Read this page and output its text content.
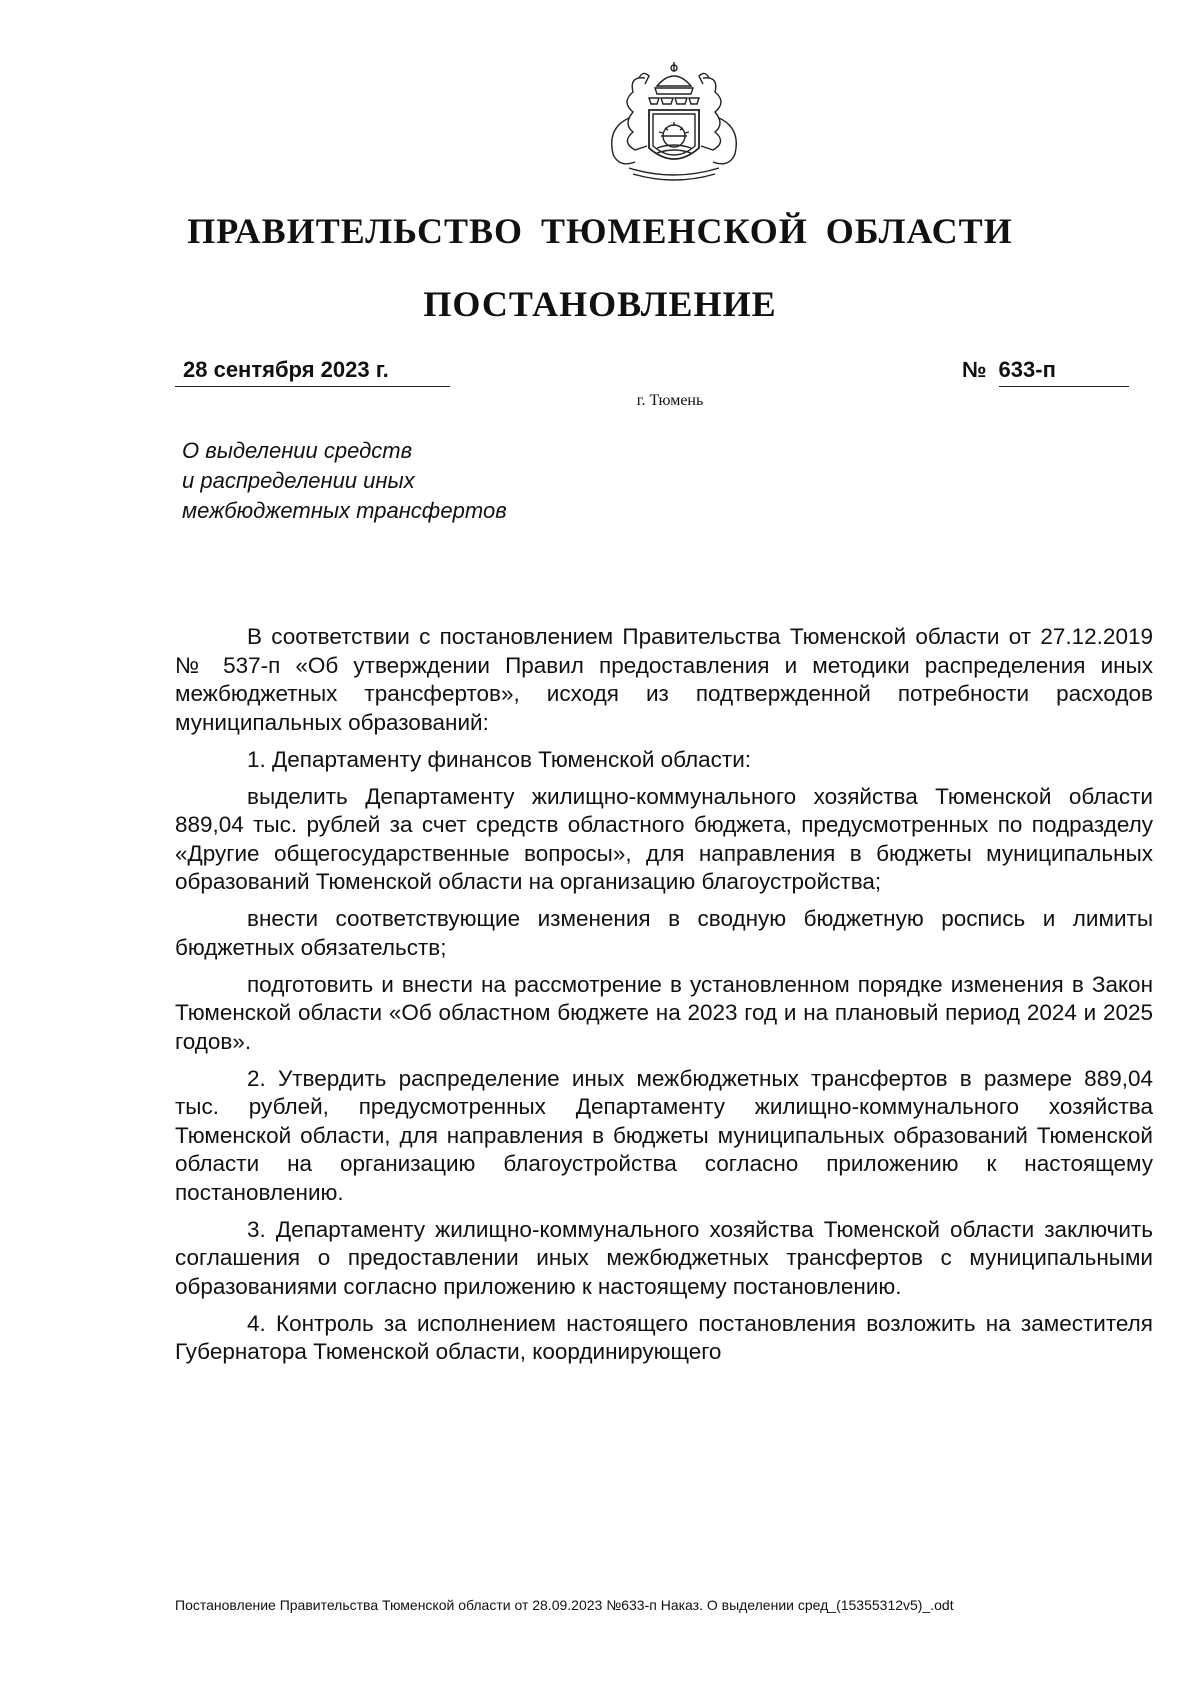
ПРАВИТЕЛЬСТВО ТЮМЕНСКОЙ ОБЛАСТИ
ПОСТАНОВЛЕНИЕ
28 сентября 2023 г.	№ 633-п
г. Тюмень
О выделении средств
и распределении иных
межбюджетных трансфертов

В соответствии с постановлением Правительства Тюменской области от 27.12.2019 № 537-п «Об утверждении Правил предоставления и методики распределения иных межбюджетных трансфертов», исходя из подтвержденной потребности расходов муниципальных образований:

1. Департаменту финансов Тюменской области:

выделить Департаменту жилищно-коммунального хозяйства Тюменской области 889,04 тыс. рублей за счет средств областного бюджета, предусмотренных по подразделу «Другие общегосударственные вопросы», для направления в бюджеты муниципальных образований Тюменской области на организацию благоустройства;

внести соответствующие изменения в сводную бюджетную роспись и лимиты бюджетных обязательств;

подготовить и внести на рассмотрение в установленном порядке изменения в Закон Тюменской области «Об областном бюджете на 2023 год и на плановый период 2024 и 2025 годов».

2. Утвердить распределение иных межбюджетных трансфертов в размере 889,04 тыс. рублей, предусмотренных Департаменту жилищно-коммунального хозяйства Тюменской области, для направления в бюджеты муниципальных образований Тюменской области на организацию благоустройства согласно приложению к настоящему постановлению.

3. Департаменту жилищно-коммунального хозяйства Тюменской области заключить соглашения о предоставлении иных межбюджетных трансфертов с муниципальными образованиями согласно приложению к настоящему постановлению.

4. Контроль за исполнением настоящего постановления возложить на заместителя Губернатора Тюменской области, координирующего

Постановление Правительства Тюменской области от 28.09.2023 №633-п Наказ. О выделении сред_(15355312v5)_.odt
